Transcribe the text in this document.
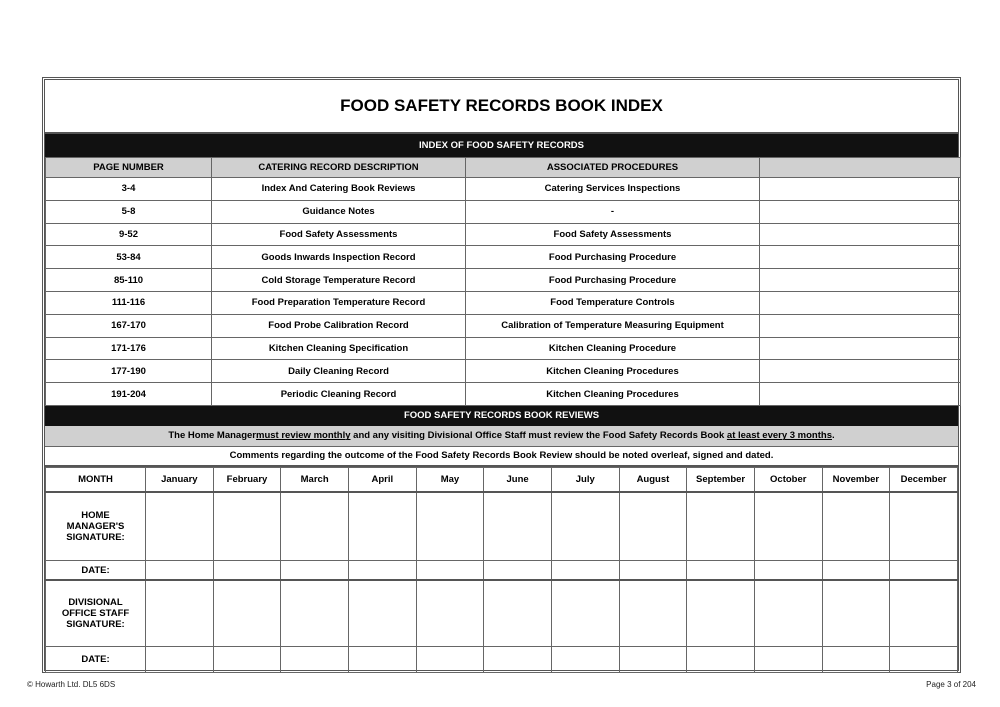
FOOD SAFETY RECORDS BOOK INDEX
INDEX OF FOOD SAFETY RECORDS
PAGE NUMBER	CATERING RECORD DESCRIPTION	ASSOCIATED PROCEDURES	
3-4	Index And Catering Book Reviews	Catering Services Inspections	
5-8	Guidance Notes	-	
9-52	Food Safety Assessments	Food Safety Assessments	
53-84	Goods Inwards Inspection Record	Food Purchasing Procedure	
85-110	Cold Storage Temperature Record	Food Purchasing Procedure	
111-116	Food Preparation Temperature Record	Food Temperature Controls	
167-170	Food Probe Calibration Record	Calibration of Temperature Measuring Equipment	
171-176	Kitchen Cleaning Specification	Kitchen Cleaning Procedure	
177-190	Daily Cleaning Record	Kitchen Cleaning Procedures	
191-204	Periodic Cleaning Record	Kitchen Cleaning Procedures	
FOOD SAFETY RECORDS BOOK REVIEWS
The Home Manager must review monthly and any visiting Divisional Office Staff must review the Food Safety Records Book at least every 3 months .
Comments regarding the outcome of the Food Safety Records Book Review should be noted overleaf, signed and dated.
MONTH	January	February	March	April	May	June	July	August	September	October	November	December

HOME
MANAGER'S
SIGNATURE:												

DATE:												

DIVISIONAL
OFFICE STAFF
SIGNATURE:												

DATE:												
© Howarth Ltd. DL5 6DS	Page 3 of 204
